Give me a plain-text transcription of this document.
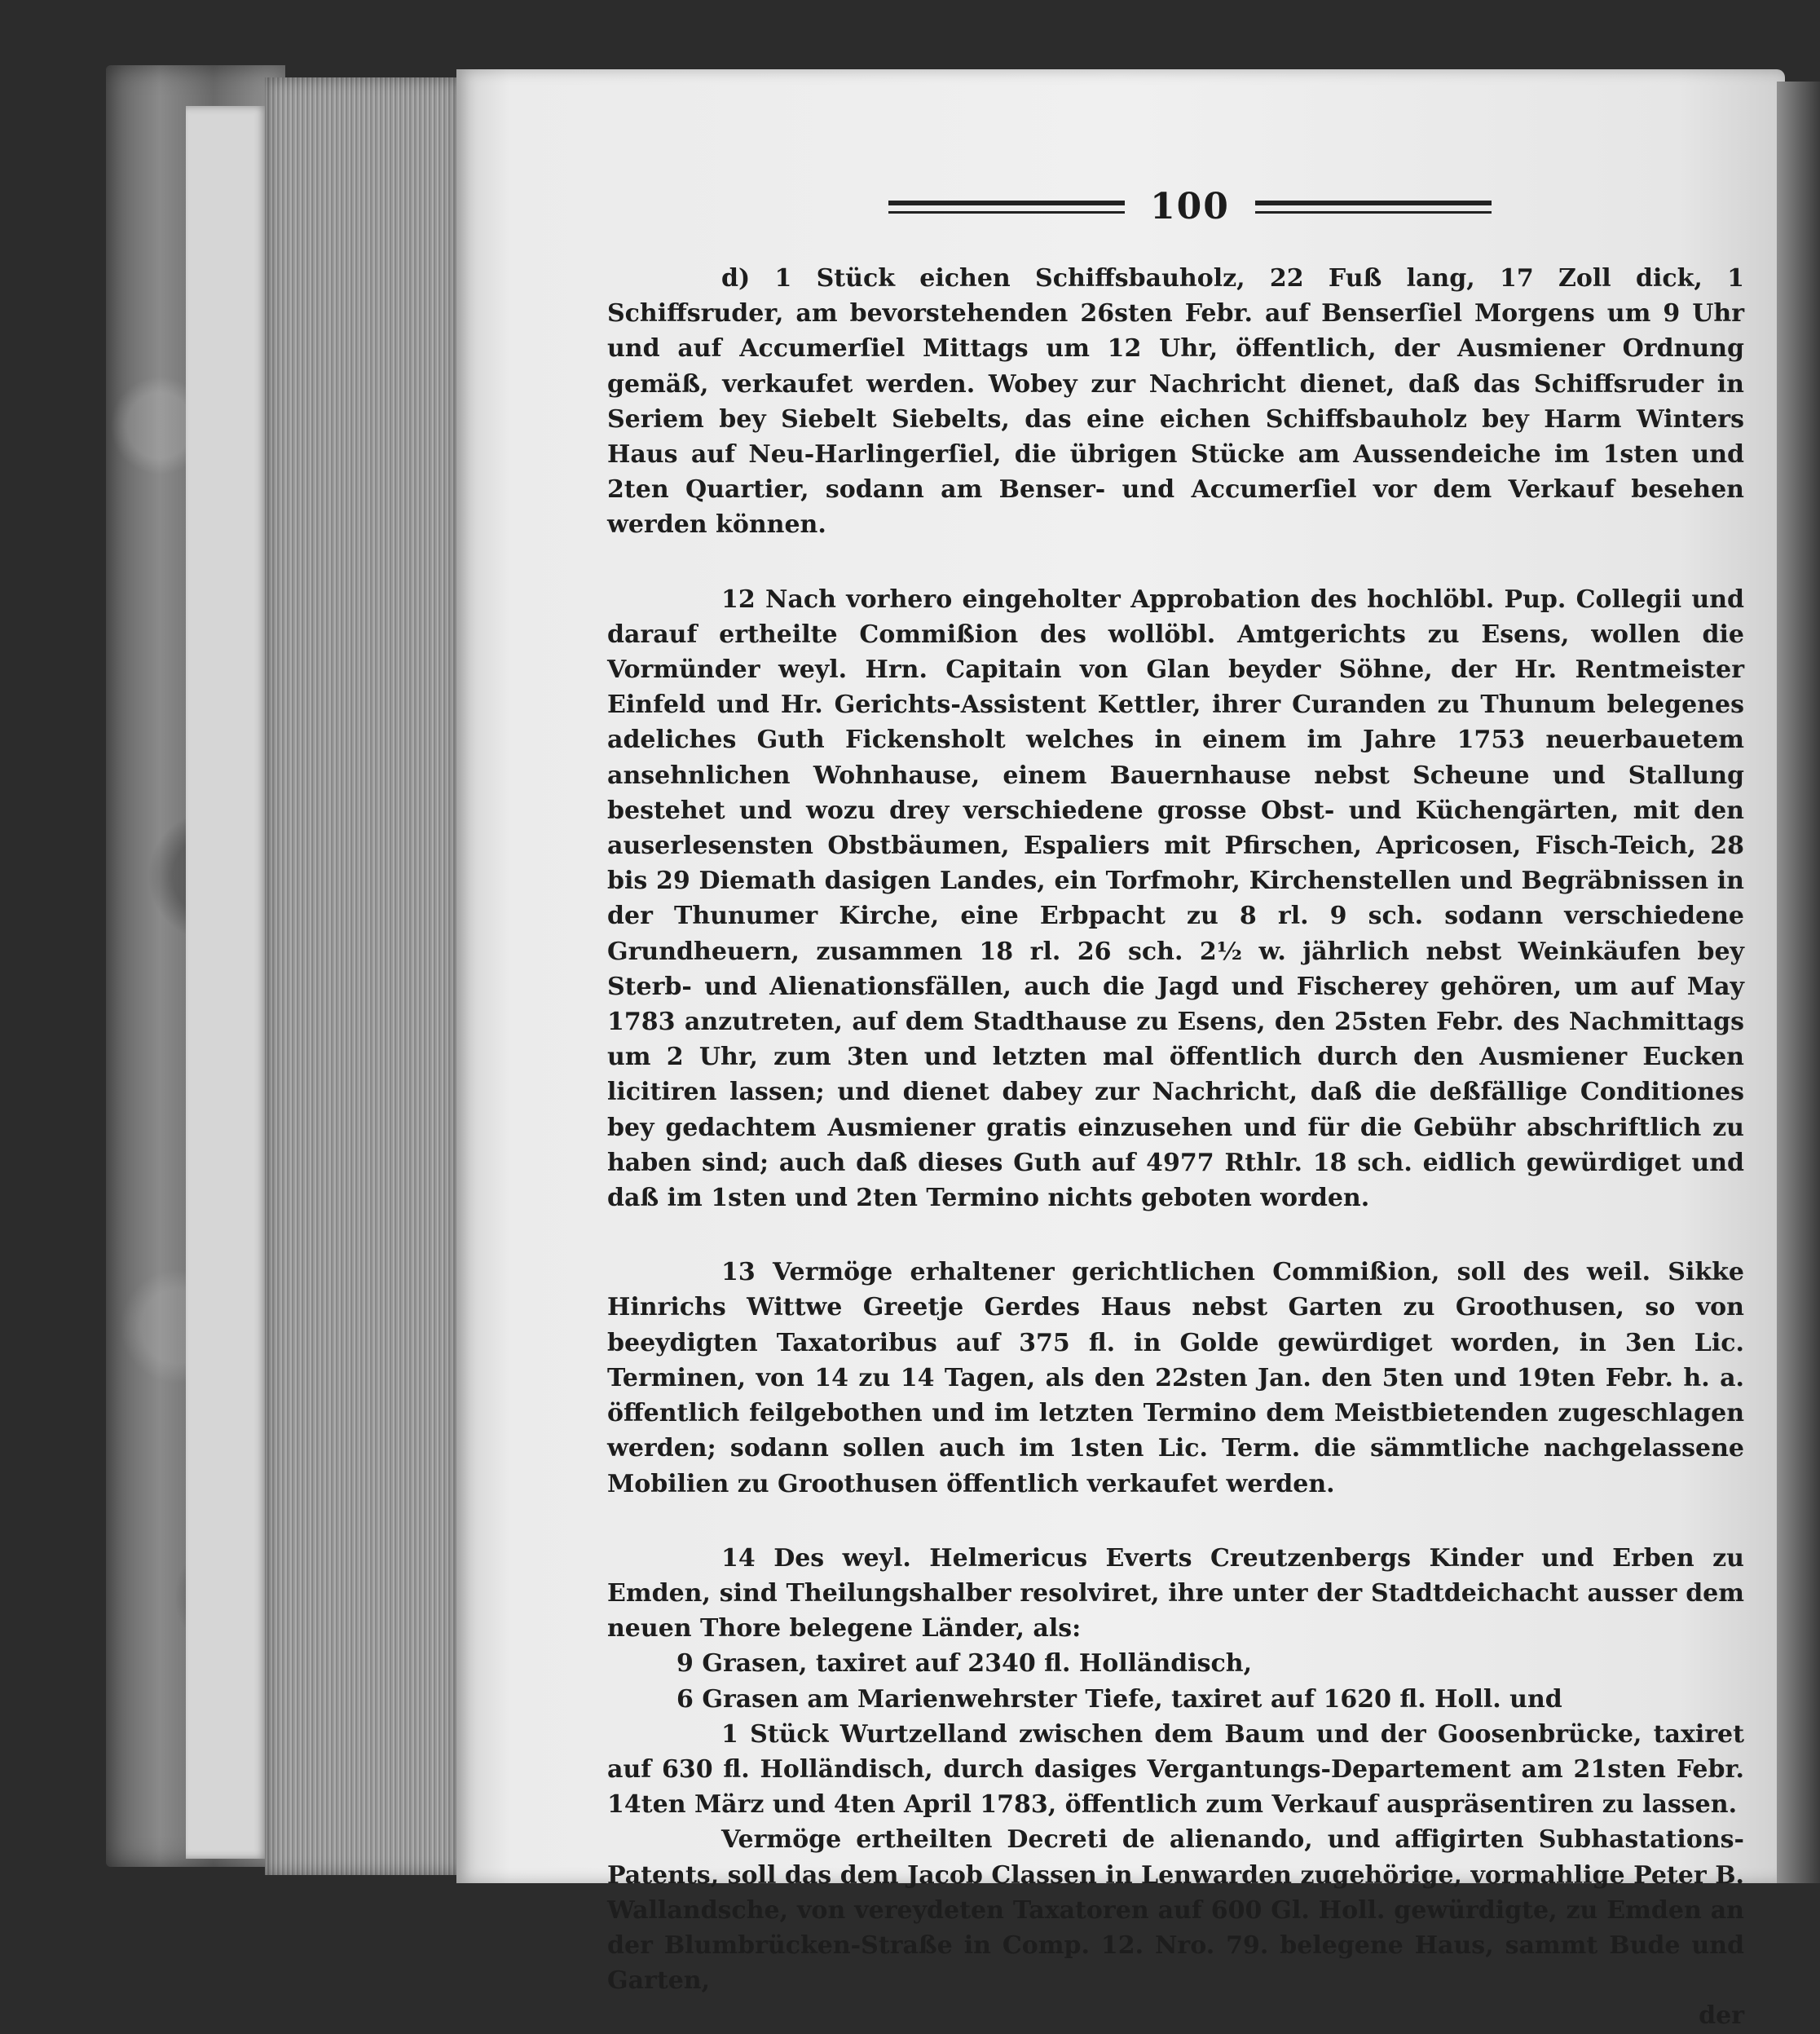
100

d) 1 Stück eichen Schiffsbauholz, 22 Fuß lang, 17 Zoll dick, 1 Schiffsruder, am bevorstehenden 26sten Febr. auf Benserſiel Morgens um 9 Uhr und auf Accumerſiel Mittags um 12 Uhr, öffentlich, der Ausmiener Ordnung gemäß, verkaufet werden. Wobey zur Nachricht dienet, daß das Schiffsruder in Seriem bey Siebelt Siebelts, das eine eichen Schiffsbauholz bey Harm Winters Haus auf Neu-Harlingerſiel, die übrigen Stücke am Aussendeiche im 1sten und 2ten Quartier, sodann am Benser- und Accumerſiel vor dem Verkauf besehen werden können.

12 Nach vorhero eingeholter Approbation des hochlöbl. Pup. Collegii und darauf ertheilte Commißion des wollöbl. Amtgerichts zu Esens, wollen die Vormünder weyl. Hrn. Capitain von Glan beyder Söhne, der Hr. Rentmeister Einfeld und Hr. Gerichts-Assistent Kettler, ihrer Curanden zu Thunum belegenes adeliches Guth Fickensholt welches in einem im Jahre 1753 neuerbauetem ansehnlichen Wohnhause, einem Bauernhause nebst Scheune und Stallung bestehet und wozu drey verschiedene grosse Obst- und Küchengärten, mit den auserlesensten Obstbäumen, Espaliers mit Pfirschen, Apricosen, Fisch-Teich, 28 bis 29 Diemath dasigen Landes, ein Torfmohr, Kirchenstellen und Begräbnissen in der Thunumer Kirche, eine Erbpacht zu 8 rl. 9 sch. sodann verschiedene Grundheuern, zusammen 18 rl. 26 sch. 2½ w. jährlich nebst Weinkäufen bey Sterb- und Alienationsfällen, auch die Jagd und Fischerey gehören, um auf May 1783 anzutreten, auf dem Stadthause zu Esens, den 25sten Febr. des Nachmittags um 2 Uhr, zum 3ten und letzten mal öffentlich durch den Ausmiener Eucken licitiren lassen; und dienet dabey zur Nachricht, daß die deßfällige Conditiones bey gedachtem Ausmiener gratis einzusehen und für die Gebühr abschriftlich zu haben sind; auch daß dieses Guth auf 4977 Rthlr. 18 sch. eidlich gewürdiget und daß im 1sten und 2ten Termino nichts geboten worden.

13 Vermöge erhaltener gerichtlichen Commißion, soll des weil. Sikke Hinrichs Wittwe Greetje Gerdes Haus nebst Garten zu Groothusen, so von beeydigten Taxatoribus auf 375 fl. in Golde gewürdiget worden, in 3en Lic. Terminen, von 14 zu 14 Tagen, als den 22sten Jan. den 5ten und 19ten Febr. h. a. öffentlich feilgebothen und im letzten Termino dem Meistbietenden zugeschlagen werden; sodann sollen auch im 1sten Lic. Term. die sämmtliche nachgelassene Mobilien zu Groothusen öffentlich verkaufet werden.

14 Des weyl. Helmericus Everts Creutzenbergs Kinder und Erben zu Emden, sind Theilungshalber resolviret, ihre unter der Stadtdeichacht ausser dem neuen Thore belegene Länder, als:

9 Grasen, taxiret auf 2340 fl. Holländisch,

6 Grasen am Marienwehrster Tiefe, taxiret auf 1620 fl. Holl. und

1 Stück Wurtzelland zwischen dem Baum und der Goosenbrücke, taxiret auf 630 fl. Holländisch, durch dasiges Vergantungs-Departement am 21sten Febr. 14ten März und 4ten April 1783, öffentlich zum Verkauf auspräsentiren zu lassen.

Vermöge ertheilten Decreti de alienando, und affigirten Subhastations-Patents, soll das dem Jacob Classen in Lenwarden zugehörige, vormahlige Peter B. Wallandsche, von vereydeten Taxatoren auf 600 Gl. Holl. gewürdigte, zu Emden an der Blumbrücken-Straße in Comp. 12. Nro. 79. belegene Haus, sammt Bude und Garten,

der
